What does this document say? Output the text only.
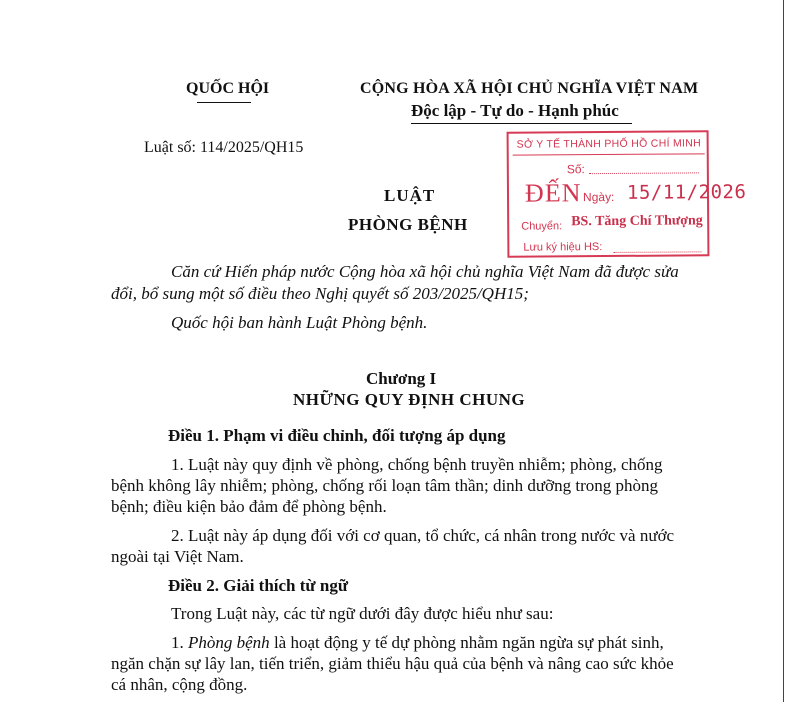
QUỐC HỘI	CỘNG HÒA XÃ HỘI CHỦ NGHĨA VIỆT NAM
Độc lập - Tự do - Hạnh phúc
Luật số: 114/2025/QH15	SỞ Y TẾ THÀNH PHỐ HỒ CHÍ MINH
Số:
ĐẾN Ngày: 15/11/2026
Chuyển: BS. Tăng Chí Thượng
Lưu ký hiệu HS:
LUẬT
PHÒNG BỆNH
Căn cứ Hiến pháp nước Cộng hòa xã hội chủ nghĩa Việt Nam đã được sửa
đổi, bổ sung một số điều theo Nghị quyết số 203/2025/QH15;
Quốc hội ban hành Luật Phòng bệnh.
Chương I
NHỮNG QUY ĐỊNH CHUNG
Điều 1. Phạm vi điều chỉnh, đối tượng áp dụng
1. Luật này quy định về phòng, chống bệnh truyền nhiễm; phòng, chống
bệnh không lây nhiễm; phòng, chống rối loạn tâm thần; dinh dưỡng trong phòng
bệnh; điều kiện bảo đảm để phòng bệnh.
2. Luật này áp dụng đối với cơ quan, tổ chức, cá nhân trong nước và nước
ngoài tại Việt Nam.
Điều 2. Giải thích từ ngữ
Trong Luật này, các từ ngữ dưới đây được hiểu như sau:
1. Phòng bệnh là hoạt động y tế dự phòng nhằm ngăn ngừa sự phát sinh,
ngăn chặn sự lây lan, tiến triển, giảm thiểu hậu quả của bệnh và nâng cao sức khỏe
cá nhân, cộng đồng.
